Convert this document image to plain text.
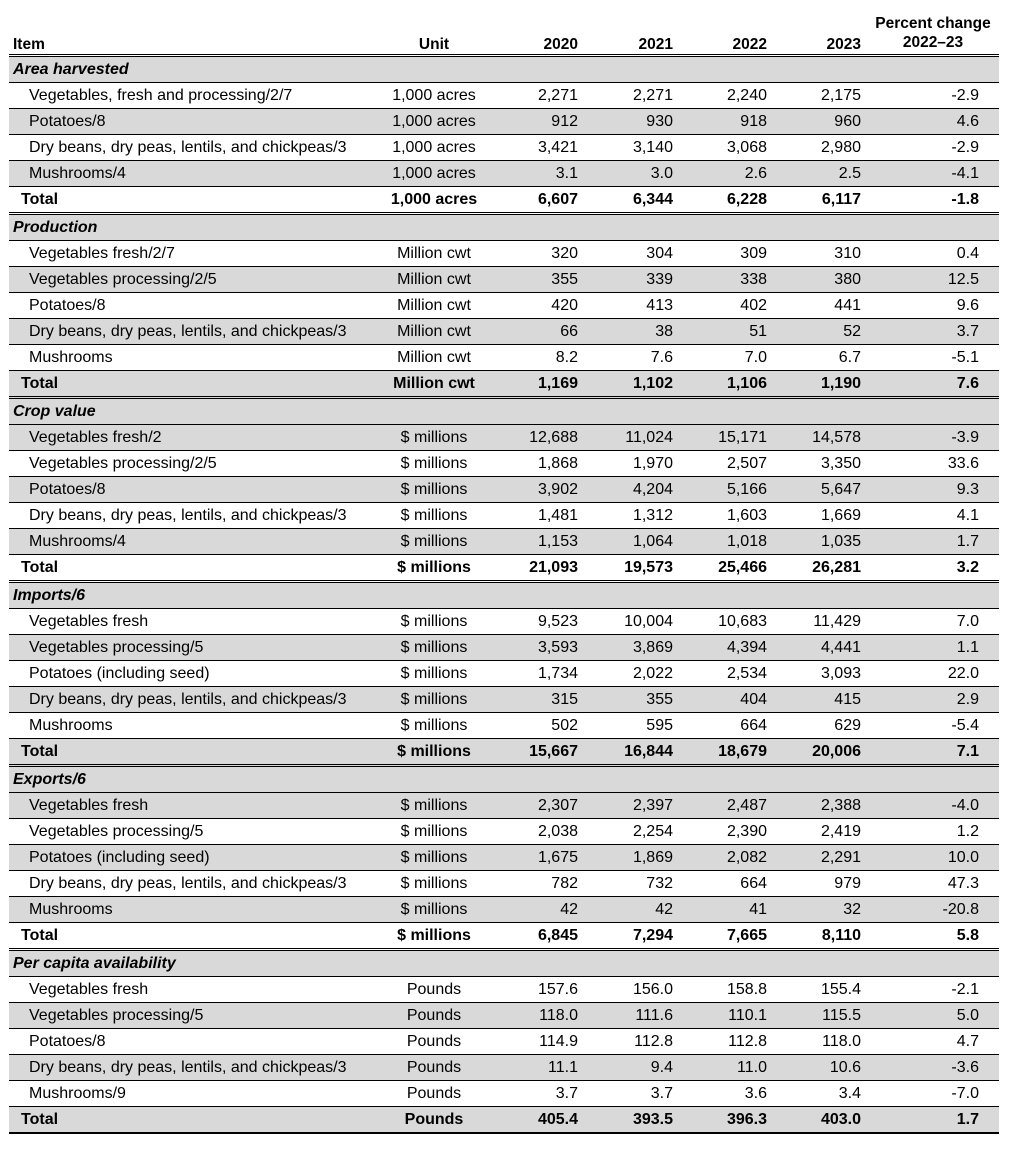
Item	Unit	2020	2021	2022	2023	Percent change
2022–23
Area harvested						
Vegetables, fresh and processing/2/7	1,000 acres	2,271	2,271	2,240	2,175	-2.9
Potatoes/8	1,000 acres	912	930	918	960	4.6
Dry beans, dry peas, lentils, and chickpeas/3	1,000 acres	3,421	3,140	3,068	2,980	-2.9
Mushrooms/4	1,000 acres	3.1	3.0	2.6	2.5	-4.1
Total	1,000 acres	6,607	6,344	6,228	6,117	-1.8
Production						
Vegetables fresh/2/7	Million cwt	320	304	309	310	0.4
Vegetables processing/2/5	Million cwt	355	339	338	380	12.5
Potatoes/8	Million cwt	420	413	402	441	9.6
Dry beans, dry peas, lentils, and chickpeas/3	Million cwt	66	38	51	52	3.7
Mushrooms	Million cwt	8.2	7.6	7.0	6.7	-5.1
Total	Million cwt	1,169	1,102	1,106	1,190	7.6
Crop value						
Vegetables fresh/2	$ millions	12,688	11,024	15,171	14,578	-3.9
Vegetables processing/2/5	$ millions	1,868	1,970	2,507	3,350	33.6
Potatoes/8	$ millions	3,902	4,204	5,166	5,647	9.3
Dry beans, dry peas, lentils, and chickpeas/3	$ millions	1,481	1,312	1,603	1,669	4.1
Mushrooms/4	$ millions	1,153	1,064	1,018	1,035	1.7
Total	$ millions	21,093	19,573	25,466	26,281	3.2
Imports/6						
Vegetables fresh	$ millions	9,523	10,004	10,683	11,429	7.0
Vegetables processing/5	$ millions	3,593	3,869	4,394	4,441	1.1
Potatoes (including seed)	$ millions	1,734	2,022	2,534	3,093	22.0
Dry beans, dry peas, lentils, and chickpeas/3	$ millions	315	355	404	415	2.9
Mushrooms	$ millions	502	595	664	629	-5.4
Total	$ millions	15,667	16,844	18,679	20,006	7.1
Exports/6						
Vegetables fresh	$ millions	2,307	2,397	2,487	2,388	-4.0
Vegetables processing/5	$ millions	2,038	2,254	2,390	2,419	1.2
Potatoes (including seed)	$ millions	1,675	1,869	2,082	2,291	10.0
Dry beans, dry peas, lentils, and chickpeas/3	$ millions	782	732	664	979	47.3
Mushrooms	$ millions	42	42	41	32	-20.8
Total	$ millions	6,845	7,294	7,665	8,110	5.8
Per capita availability						
Vegetables fresh	Pounds	157.6	156.0	158.8	155.4	-2.1
Vegetables processing/5	Pounds	118.0	111.6	110.1	115.5	5.0
Potatoes/8	Pounds	114.9	112.8	112.8	118.0	4.7
Dry beans, dry peas, lentils, and chickpeas/3	Pounds	11.1	9.4	11.0	10.6	-3.6
Mushrooms/9	Pounds	3.7	3.7	3.6	3.4	-7.0
Total	Pounds	405.4	393.5	396.3	403.0	1.7
